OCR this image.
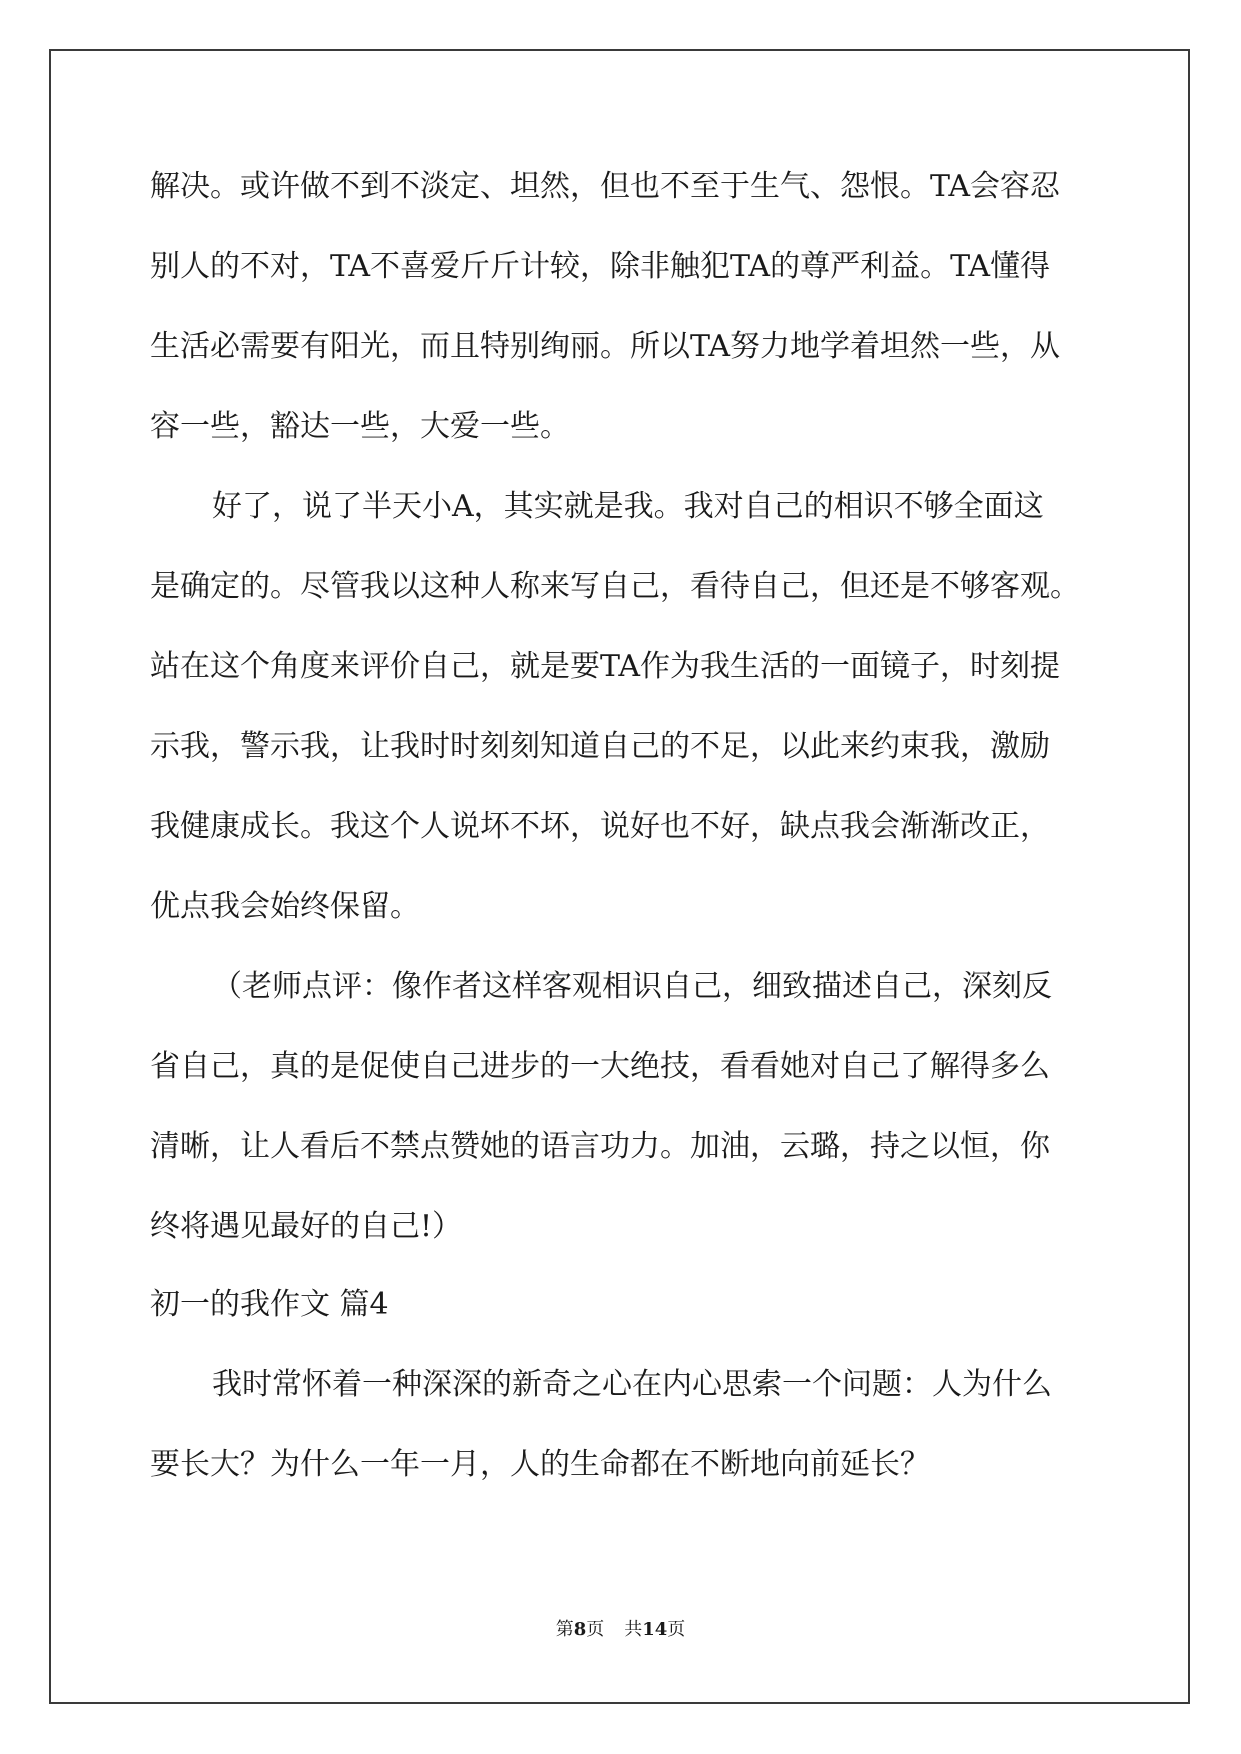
解决。或许做不到不淡定、坦然，但也不至于生气、怨恨。TA会容忍
别人的不对，TA不喜爱斤斤计较，除非触犯TA的尊严利益。TA懂得
生活必需要有阳光，而且特别绚丽。所以TA努力地学着坦然一些，从
容一些，豁达一些，大爱一些。
好了，说了半天小A，其实就是我。我对自己的相识不够全面这
是确定的。尽管我以这种人称来写自己，看待自己，但还是不够客观。
站在这个角度来评价自己，就是要TA作为我生活的一面镜子，时刻提
示我，警示我，让我时时刻刻知道自己的不足，以此来约束我，激励
我健康成长。我这个人说坏不坏，说好也不好，缺点我会渐渐改正，
优点我会始终保留。
（老师点评：像作者这样客观相识自己，细致描述自己，深刻反
省自己，真的是促使自己进步的一大绝技，看看她对自己了解得多么
清晰，让人看后不禁点赞她的语言功力。加油，云璐，持之以恒，你
终将遇见最好的自己!）
初一的我作文 篇4
我时常怀着一种深深的新奇之心在内心思索一个问题：人为什么
要长大？为什么一年一月，人的生命都在不断地向前延长？
第8页 共14页
